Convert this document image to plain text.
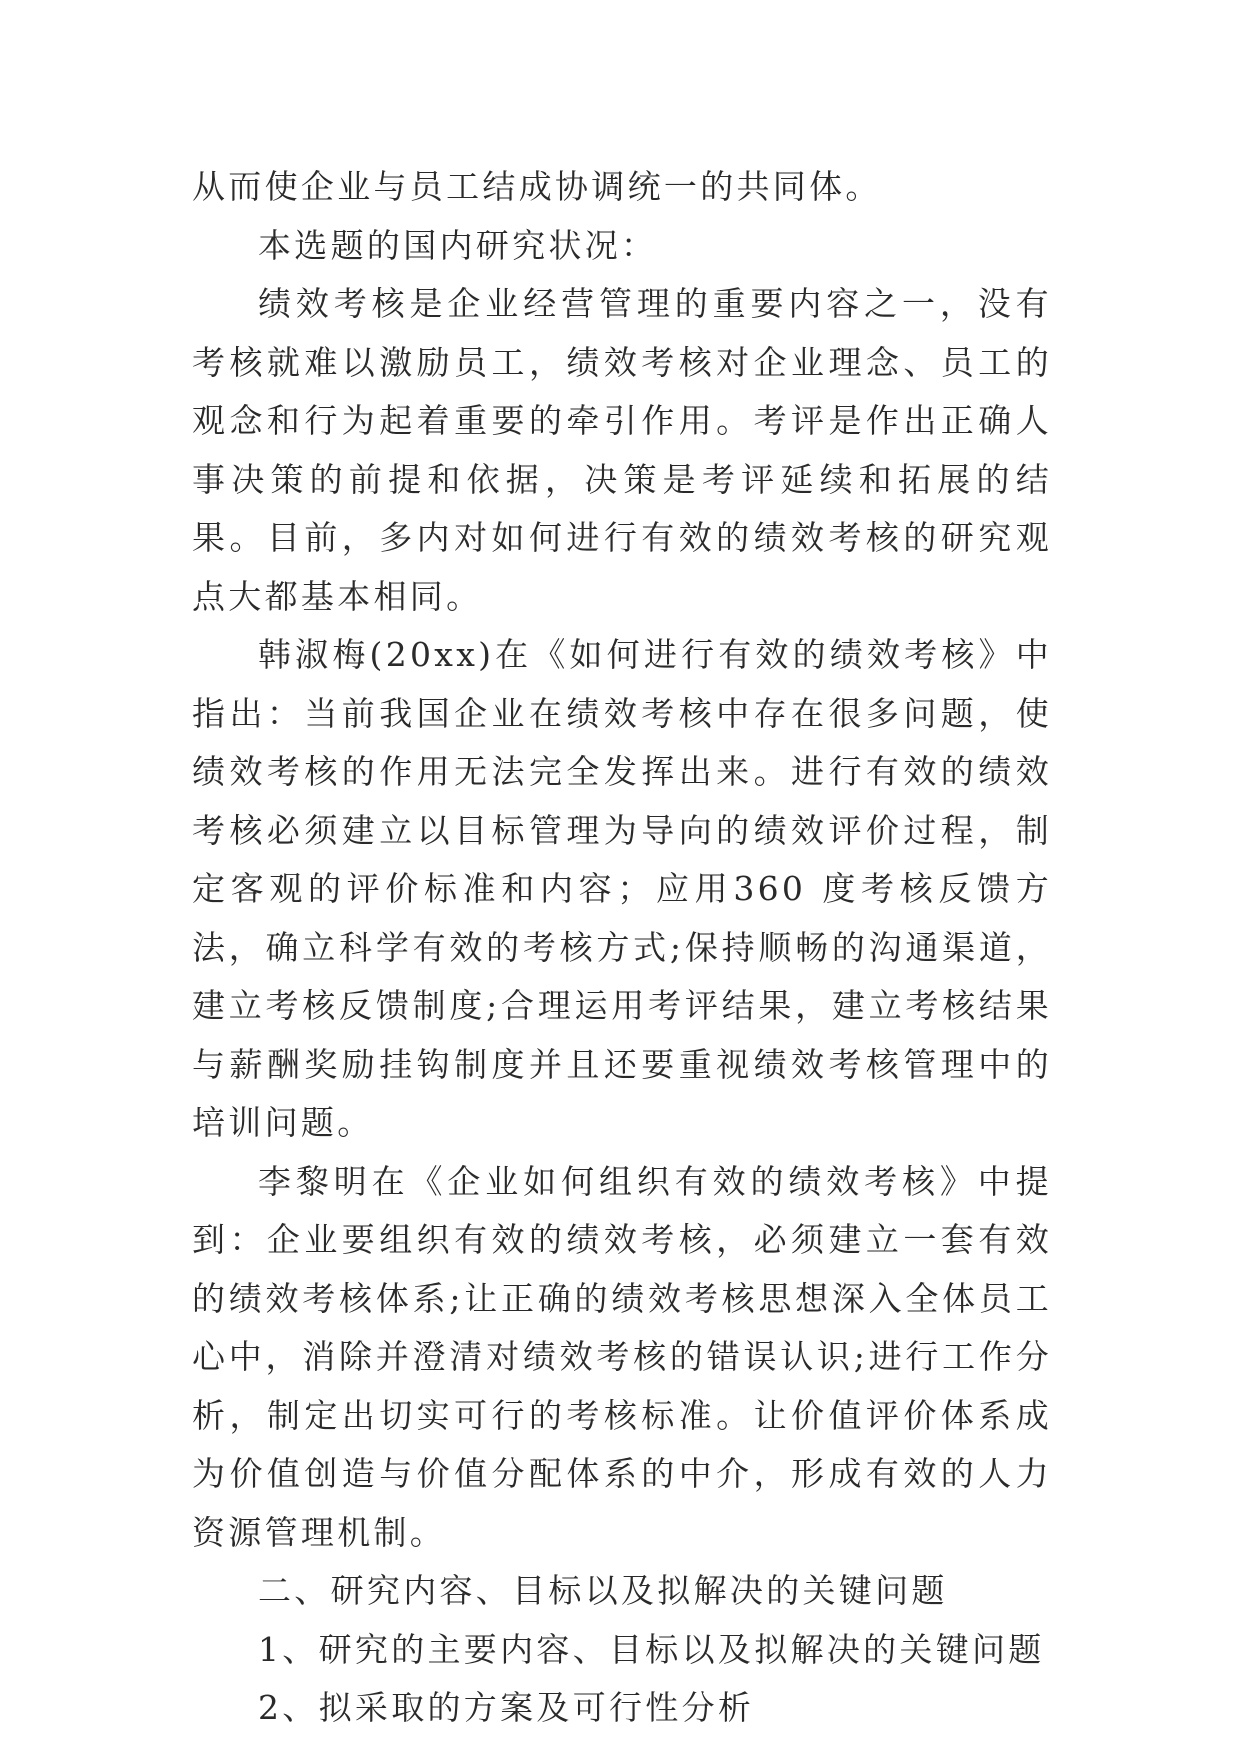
从而使企业与员工结成协调统一的共同体。

本选题的国内研究状况：

绩效考核是企业经营管理的重要内容之一，没有考核就难以激励员工，绩效考核对企业理念、员工的观念和行为起着重要的牵引作用。考评是作出正确人事决策的前提和依据，决策是考评延续和拓展的结果。目前，多内对如何进行有效的绩效考核的研究观点大都基本相同。

韩淑梅(20xx)在《如何进行有效的绩效考核》中指出：当前我国企业在绩效考核中存在很多问题，使绩效考核的作用无法完全发挥出来。进行有效的绩效考核必须建立以目标管理为导向的绩效评价过程，制定客观的评价标准和内容；应用360 度考核反馈方法，确立科学有效的考核方式;保持顺畅的沟通渠道，建立考核反馈制度;合理运用考评结果，建立考核结果与薪酬奖励挂钩制度并且还要重视绩效考核管理中的培训问题。

李黎明在《企业如何组织有效的绩效考核》中提到：企业要组织有效的绩效考核，必须建立一套有效的绩效考核体系;让正确的绩效考核思想深入全体员工心中，消除并澄清对绩效考核的错误认识;进行工作分析，制定出切实可行的考核标准。让价值评价体系成为价值创造与价值分配体系的中介，形成有效的人力资源管理机制。

二、研究内容、目标以及拟解决的关键问题

1、研究的主要内容、目标以及拟解决的关键问题

2、拟采取的方案及可行性分析
